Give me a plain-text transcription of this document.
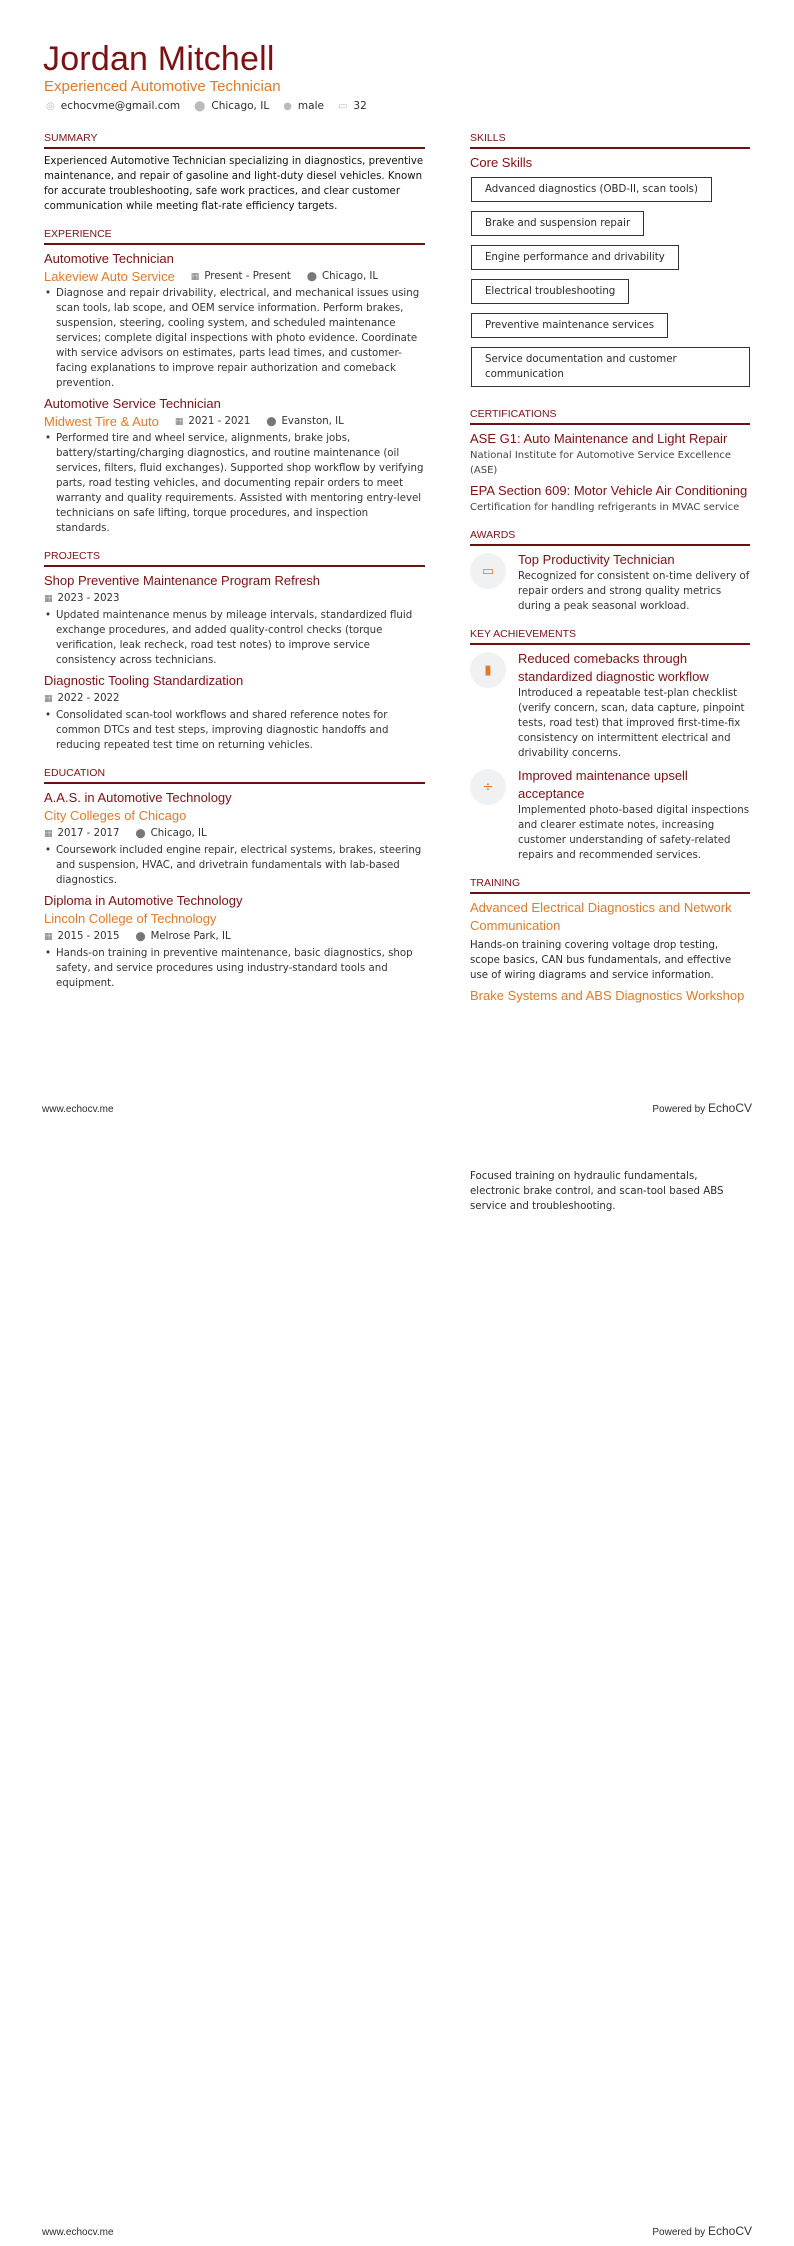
Jordan Mitchell
Experienced Automotive Technician
◎ echocvme@gmail.com ⬤ Chicago, IL ● male ▭ 32
SUMMARY
Experienced Automotive Technician specializing in diagnostics, preventive maintenance, and repair of gasoline and light-duty diesel vehicles. Known for accurate troubleshooting, safe work practices, and clear customer communication while meeting flat-rate efficiency targets.
EXPERIENCE
Automotive Technician
Lakeview Auto Service ▦ Present - Present ⬤ Chicago, IL
• Diagnose and repair drivability, electrical, and mechanical issues using scan tools, lab scope, and OEM service information. Perform brakes, suspension, steering, cooling system, and scheduled maintenance services; complete digital inspections with photo evidence. Coordinate with service advisors on estimates, parts lead times, and customer-facing explanations to improve repair authorization and comeback prevention.
Automotive Service Technician
Midwest Tire & Auto ▦ 2021 - 2021 ⬤ Evanston, IL
• Performed tire and wheel service, alignments, brake jobs, battery/starting/charging diagnostics, and routine maintenance (oil services, filters, fluid exchanges). Supported shop workflow by verifying parts, road testing vehicles, and documenting repair orders to meet warranty and quality requirements. Assisted with mentoring entry-level technicians on safe lifting, torque procedures, and inspection standards.
PROJECTS
Shop Preventive Maintenance Program Refresh
▦ 2023 - 2023
• Updated maintenance menus by mileage intervals, standardized fluid exchange procedures, and added quality-control checks (torque verification, leak recheck, road test notes) to improve service consistency across technicians.
Diagnostic Tooling Standardization
▦ 2022 - 2022
• Consolidated scan-tool workflows and shared reference notes for common DTCs and test steps, improving diagnostic handoffs and reducing repeated test time on returning vehicles.
EDUCATION
A.A.S. in Automotive Technology
City Colleges of Chicago
▦ 2017 - 2017 ⬤ Chicago, IL
• Coursework included engine repair, electrical systems, brakes, steering and suspension, HVAC, and drivetrain fundamentals with lab-based diagnostics.
Diploma in Automotive Technology
Lincoln College of Technology
▦ 2015 - 2015 ⬤ Melrose Park, IL
• Hands-on training in preventive maintenance, basic diagnostics, shop safety, and service procedures using industry-standard tools and equipment.
SKILLS
Core Skills
Advanced diagnostics (OBD-II, scan tools)
Brake and suspension repair
Engine performance and drivability
Electrical troubleshooting
Preventive maintenance services
Service documentation and customer communication
CERTIFICATIONS
ASE G1: Auto Maintenance and Light Repair
National Institute for Automotive Service Excellence (ASE)
EPA Section 609: Motor Vehicle Air Conditioning
Certification for handling refrigerants in MVAC service
AWARDS
▭
Top Productivity Technician
Recognized for consistent on-time delivery of repair orders and strong quality metrics during a peak seasonal workload.
KEY ACHIEVEMENTS
▮
Reduced comebacks through standardized diagnostic workflow
Introduced a repeatable test-plan checklist (verify concern, scan, data capture, pinpoint tests, road test) that improved first-time-fix consistency on intermittent electrical and drivability concerns.
÷
Improved maintenance upsell acceptance
Implemented photo-based digital inspections and clearer estimate notes, increasing customer understanding of safety-related repairs and recommended services.
TRAINING
Advanced Electrical Diagnostics and Network Communication
Hands-on training covering voltage drop testing, scope basics, CAN bus fundamentals, and effective use of wiring diagrams and service information.
Brake Systems and ABS Diagnostics Workshop
www.echocv.me	Powered by EchoCV
Focused training on hydraulic fundamentals, electronic brake control, and scan-tool based ABS service and troubleshooting.
www.echocv.me	Powered by EchoCV
